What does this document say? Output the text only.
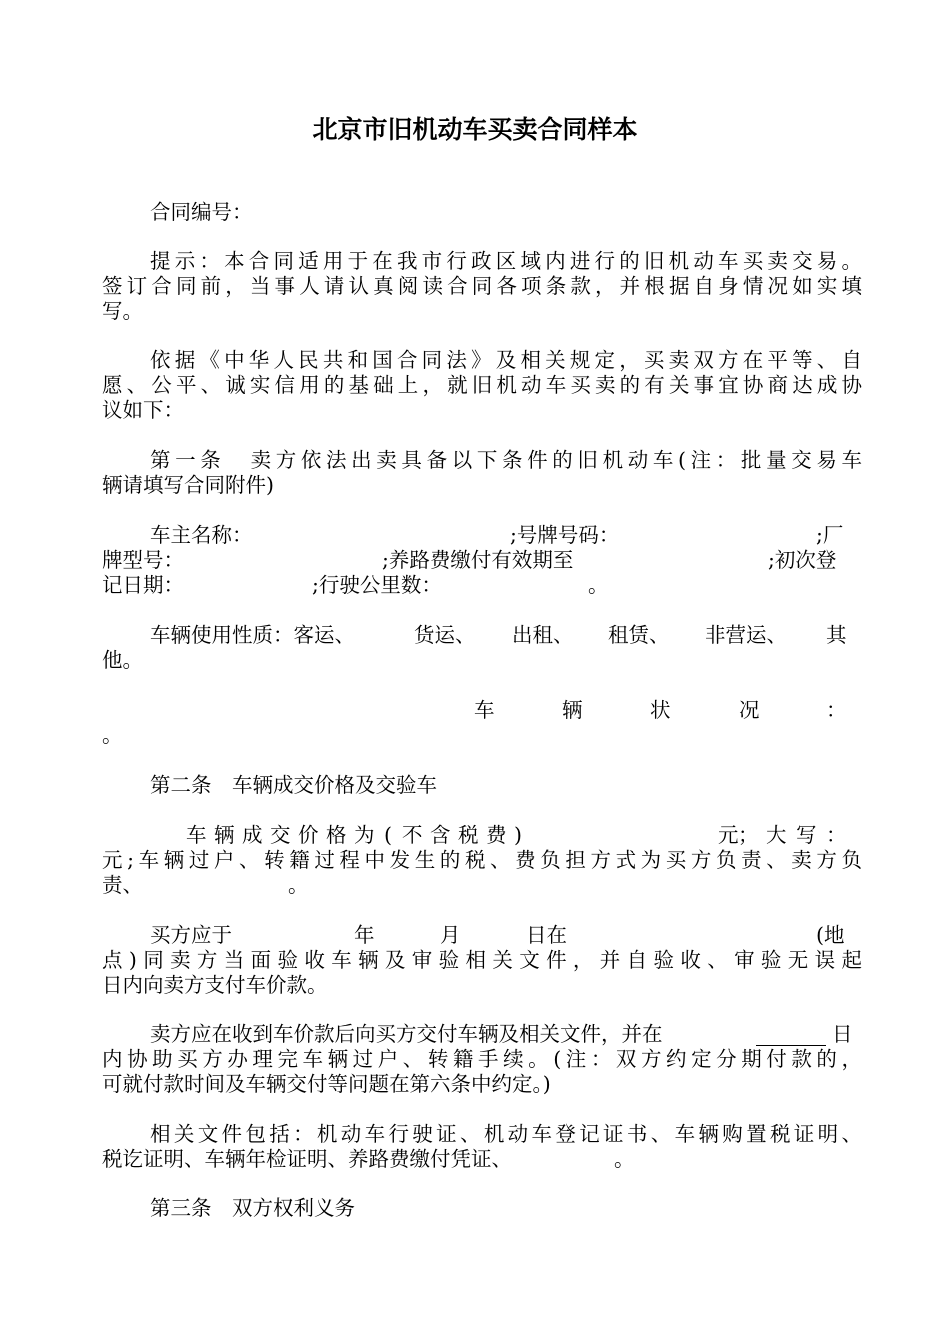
北京市旧机动车买卖合同样本
合同编号：
提示：本合同适用于在我市行政区域内进行的旧机动车买卖交易。
签订合同前，当事人请认真阅读合同各项条款，并根据自身情况如实填
写。
依据《中华人民共和国合同法》及相关规定，买卖双方在平等、自
愿、公平、诚实信用的基础上，就旧机动车买卖的有关事宜协商达成协
议如下：
第一条　卖方依法出卖具备以下条件的旧机动车(注：批量交易车
辆请填写合同附件)
车主名称：	;号牌号码：	;厂
牌型号：	;养路费缴付有效期至	;初次登
记日期：	;行驶公里数：	。
车辆使用性质：客运、	货运、 出租、 租赁、 非营运、 其
他。
车	辆	状	况	：
。
第二条　车辆成交价格及交验车
车 辆 成 交 价 格 为 ( 不 含 税 费 )	元 ； 大 写 ：
元;车辆过户、转籍过程中发生的税、费负担方式为买方负责、卖方负
责、	。
买方应于	年	月	日在	(地
点)同卖方当面验收车辆及审验相关文件，并自验收、审验无误起
日内向卖方支付车价款。
卖方应在收到车价款后向买方交付车辆及相关文件，并在	日
内协助买方办理完车辆过户、转籍手续。(注：双方约定分期付款的，
可就付款时间及车辆交付等问题在第六条中约定。)
相关文件包括：机动车行驶证、机动车登记证书、车辆购置税证明、
税讫证明、车辆年检证明、养路费缴付凭证、	。
第三条　双方权利义务
